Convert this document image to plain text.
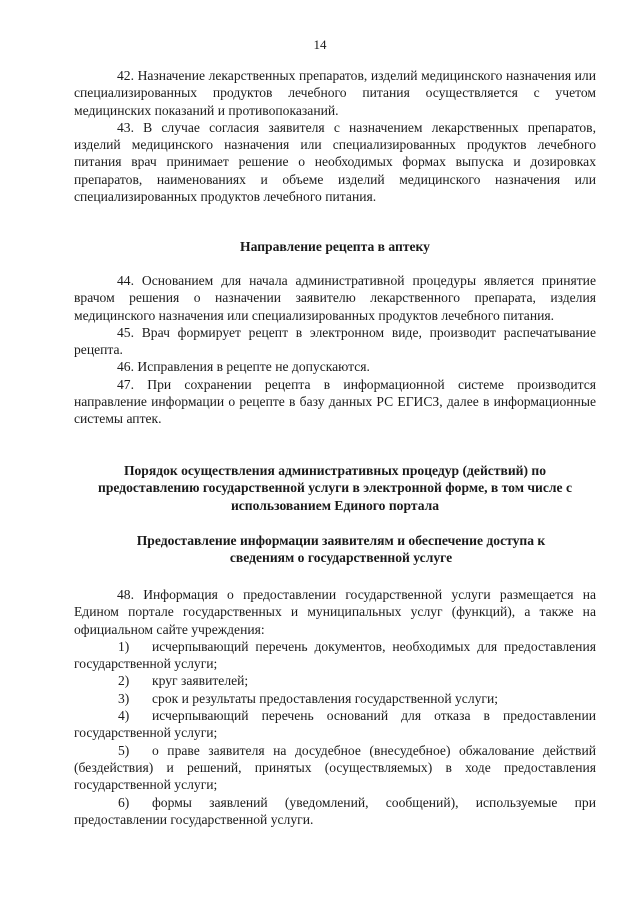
14

42. Назначение лекарственных препаратов, изделий медицинского назначения или специализированных продуктов лечебного питания осуществляется с учетом медицинских показаний и противопоказаний.

43. В случае согласия заявителя с назначением лекарственных препаратов, изделий медицинского назначения или специализированных продуктов лечебного питания врач принимает решение о необходимых формах выпуска и дозировках препаратов, наименованиях и объеме изделий медицинского назначения или специализированных продуктов лечебного питания.

Направление рецепта в аптеку

44. Основанием для начала административной процедуры является принятие врачом решения о назначении заявителю лекарственного препарата, изделия медицинского назначения или специализированных продуктов лечебного питания.

45. Врач формирует рецепт в электронном виде, производит распечатывание рецепта.

46. Исправления в рецепте не допускаются.

47. При сохранении рецепта в информационной системе производится направление информации о рецепте в базу данных РС ЕГИСЗ, далее в информационные системы аптек.

Порядок осуществления административных процедур (действий) по предоставлению государственной услуги в электронной форме, в том числе с использованием Единого портала

Предоставление информации заявителям и обеспечение доступа к сведениям о государственной услуге

48. Информация о предоставлении государственной услуги размещается на Едином портале государственных и муниципальных услуг (функций), а также на официальном сайте учреждения:

1)	исчерпывающий перечень документов, необходимых для предоставления государственной услуги;
2)	круг заявителей;
3)	срок и результаты предоставления государственной услуги;
4)	исчерпывающий перечень оснований для отказа в предоставлении государственной услуги;
5)	о праве заявителя на досудебное (внесудебное) обжалование действий (бездействия) и решений, принятых (осуществляемых) в ходе предоставления государственной услуги;
6)	формы заявлений (уведомлений, сообщений), используемые при предоставлении государственной услуги.
